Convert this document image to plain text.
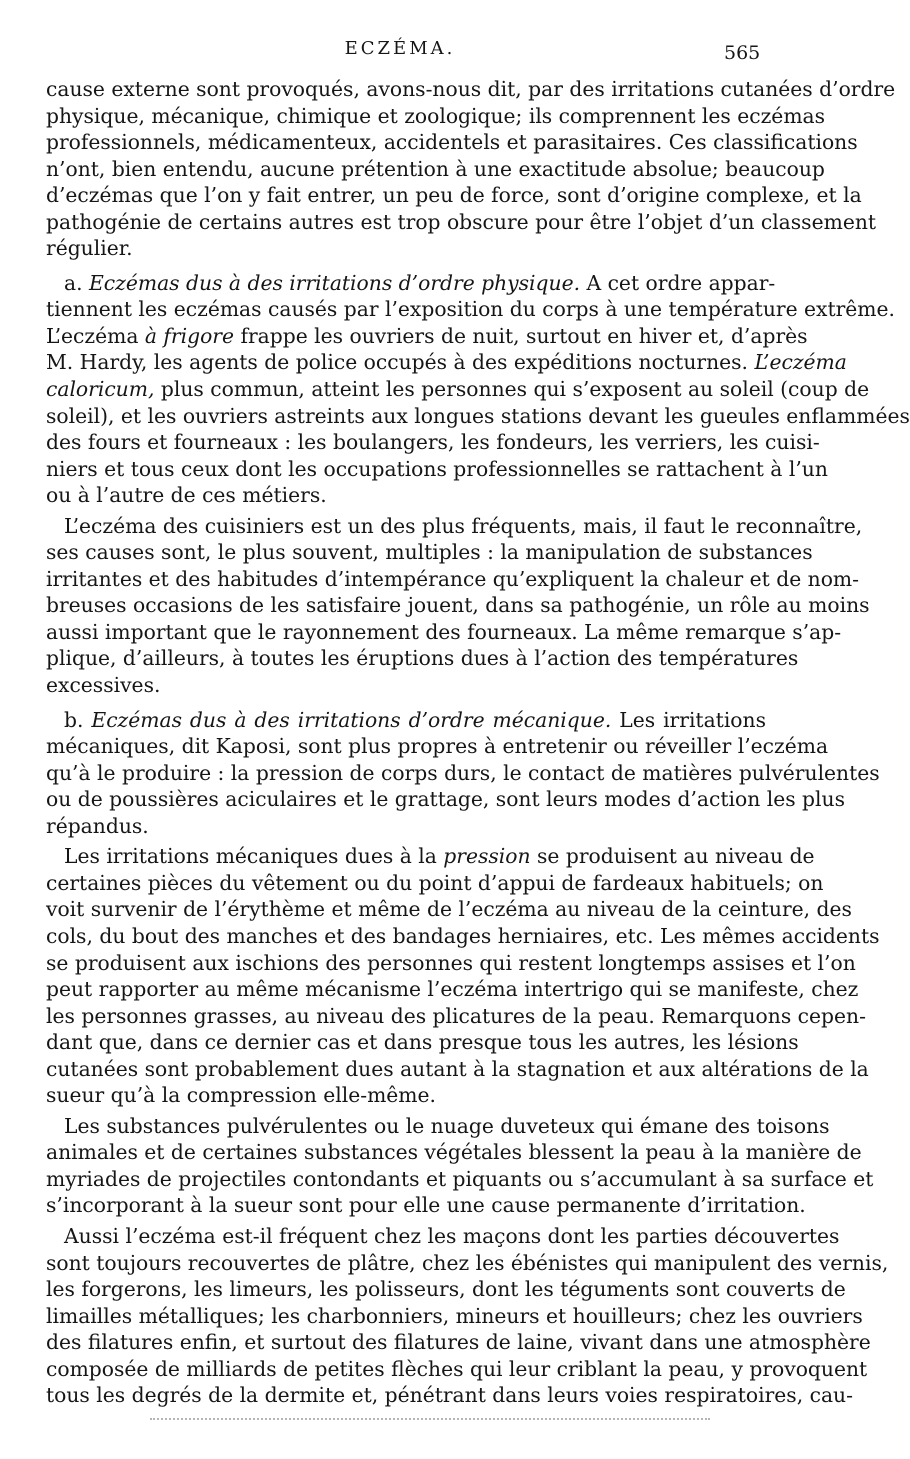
ECZÉMA.	565
cause externe sont provoqués, avons-nous dit, par des irritations cutanées d’ordre
physique, mécanique, chimique et zoologique; ils comprennent les eczémas
professionnels, médicamenteux, accidentels et parasitaires. Ces classifications
n’ont, bien entendu, aucune prétention à une exactitude absolue; beaucoup
d’eczémas que l’on y fait entrer, un peu de force, sont d’origine complexe, et la
pathogénie de certains autres est trop obscure pour être l’objet d’un classement
régulier.
a. Eczémas dus à des irritations d’ordre physique. A cet ordre appar-
tiennent les eczémas causés par l’exposition du corps à une température extrême.
L’eczéma à frigore frappe les ouvriers de nuit, surtout en hiver et, d’après
M. Hardy, les agents de police occupés à des expéditions nocturnes. L’eczéma
caloricum, plus commun, atteint les personnes qui s’exposent au soleil (coup de
soleil), et les ouvriers astreints aux longues stations devant les gueules enflammées
des fours et fourneaux : les boulangers, les fondeurs, les verriers, les cuisi-
niers et tous ceux dont les occupations professionnelles se rattachent à l’un
ou à l’autre de ces métiers.
L’eczéma des cuisiniers est un des plus fréquents, mais, il faut le reconnaître,
ses causes sont, le plus souvent, multiples : la manipulation de substances
irritantes et des habitudes d’intempérance qu’expliquent la chaleur et de nom-
breuses occasions de les satisfaire jouent, dans sa pathogénie, un rôle au moins
aussi important que le rayonnement des fourneaux. La même remarque s’ap-
plique, d’ailleurs, à toutes les éruptions dues à l’action des températures
excessives.
b. Eczémas dus à des irritations d’ordre mécanique. Les irritations
mécaniques, dit Kaposi, sont plus propres à entretenir ou réveiller l’eczéma
qu’à le produire : la pression de corps durs, le contact de matières pulvérulentes
ou de poussières aciculaires et le grattage, sont leurs modes d’action les plus
répandus.
Les irritations mécaniques dues à la pression se produisent au niveau de
certaines pièces du vêtement ou du point d’appui de fardeaux habituels; on
voit survenir de l’érythème et même de l’eczéma au niveau de la ceinture, des
cols, du bout des manches et des bandages herniaires, etc. Les mêmes accidents
se produisent aux ischions des personnes qui restent longtemps assises et l’on
peut rapporter au même mécanisme l’eczéma intertrigo qui se manifeste, chez
les personnes grasses, au niveau des plicatures de la peau. Remarquons cepen-
dant que, dans ce dernier cas et dans presque tous les autres, les lésions
cutanées sont probablement dues autant à la stagnation et aux altérations de la
sueur qu’à la compression elle-même.
Les substances pulvérulentes ou le nuage duveteux qui émane des toisons
animales et de certaines substances végétales blessent la peau à la manière de
myriades de projectiles contondants et piquants ou s’accumulant à sa surface et
s’incorporant à la sueur sont pour elle une cause permanente d’irritation.
Aussi l’eczéma est-il fréquent chez les maçons dont les parties découvertes
sont toujours recouvertes de plâtre, chez les ébénistes qui manipulent des vernis,
les forgerons, les limeurs, les polisseurs, dont les téguments sont couverts de
limailles métalliques; les charbonniers, mineurs et houilleurs; chez les ouvriers
des filatures enfin, et surtout des filatures de laine, vivant dans une atmosphère
composée de milliards de petites flèches qui leur criblant la peau, y provoquent
tous les degrés de la dermite et, pénétrant dans leurs voies respiratoires, cau-
